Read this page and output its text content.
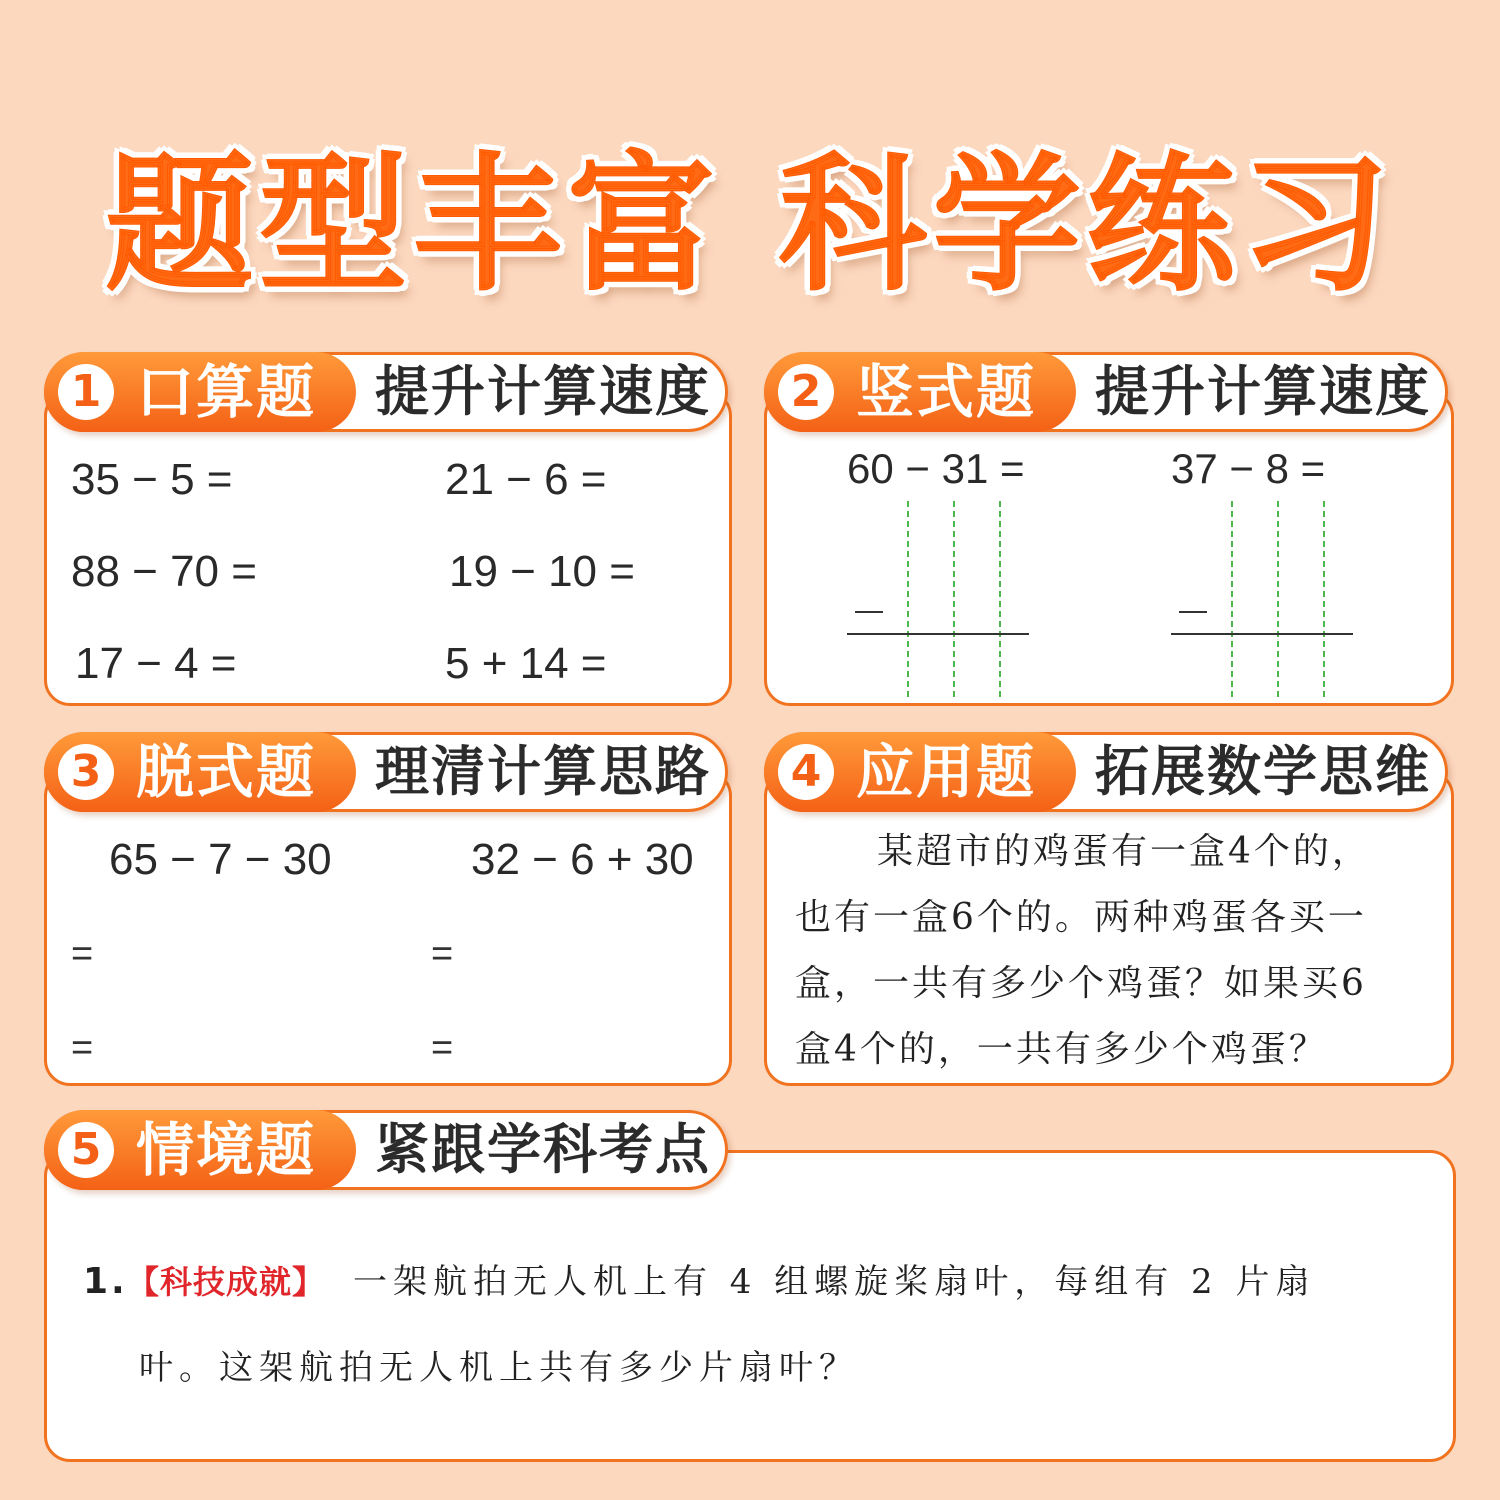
题型丰富 科学练习
35 − 5 =	21 − 6 =
88 − 70 =	19 − 10 =
17 − 4 =	5 + 14 =
1 口算题 提升计算速度
60 − 31 =	37 − 8 =
2 竖式题 提升计算速度
65 − 7 − 30	32 − 6 + 30
=	=
=	=
3 脱式题 理清计算思路
某超市的鸡蛋有一盒4个的，
也有一盒6个的。两种鸡蛋各买一
盒，一共有多少个鸡蛋？如果买6
盒4个的，一共有多少个鸡蛋？
4 应用题 拓展数学思维
1. 【科技成就】 一架航拍无人机上有 4 组螺旋桨扇叶，每组有 2 片扇
叶。这架航拍无人机上共有多少片扇叶？
5 情境题 紧跟学科考点
